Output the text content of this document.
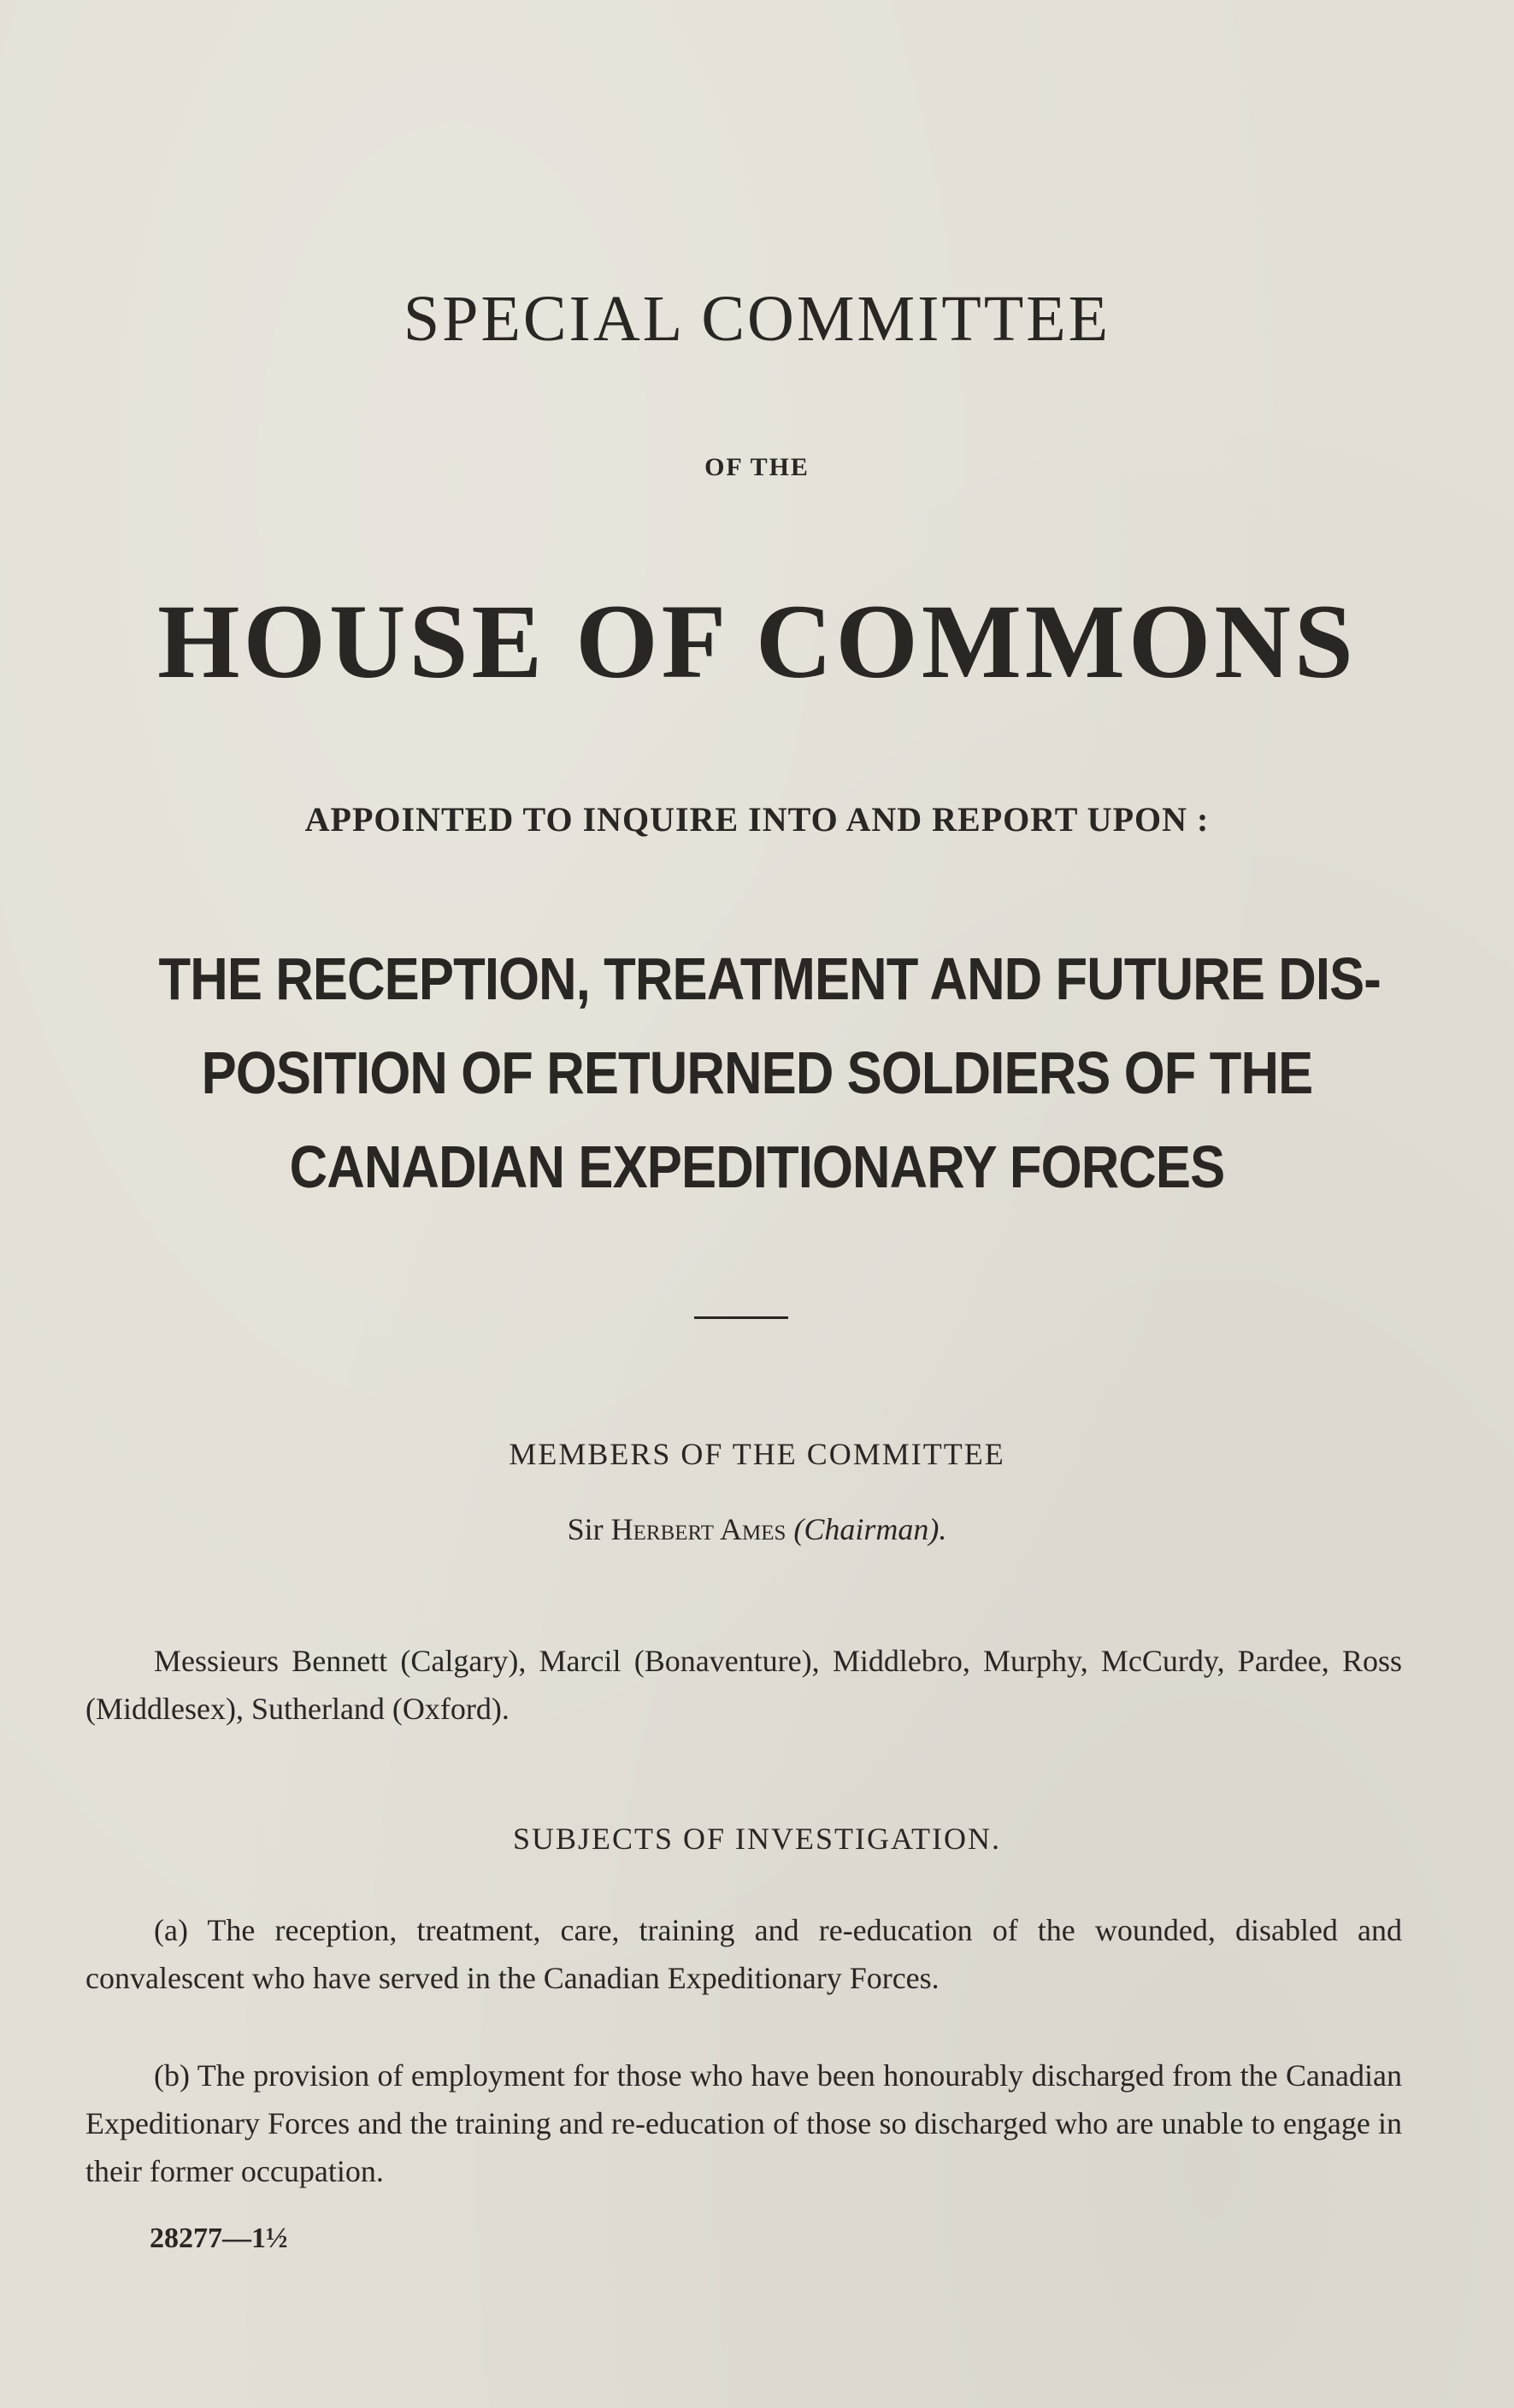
SPECIAL COMMITTEE
OF THE
HOUSE OF COMMONS
APPOINTED TO INQUIRE INTO AND REPORT UPON :
THE RECEPTION, TREATMENT AND FUTURE DIS-
POSITION OF RETURNED SOLDIERS OF THE
CANADIAN EXPEDITIONARY FORCES
MEMBERS OF THE COMMITTEE
Sir Herbert Ames (Chairman).
Messieurs Bennett (Calgary), Marcil (Bonaventure), Middlebro, Murphy, McCurdy, Pardee, Ross (Middlesex), Sutherland (Oxford).
SUBJECTS OF INVESTIGATION.
(a) The reception, treatment, care, training and re-education of the wounded, disabled and convalescent who have served in the Canadian Expeditionary Forces.
(b) The provision of employment for those who have been honourably discharged from the Canadian Expeditionary Forces and the training and re-education of those so discharged who are unable to engage in their former occupation.
28277—1½
